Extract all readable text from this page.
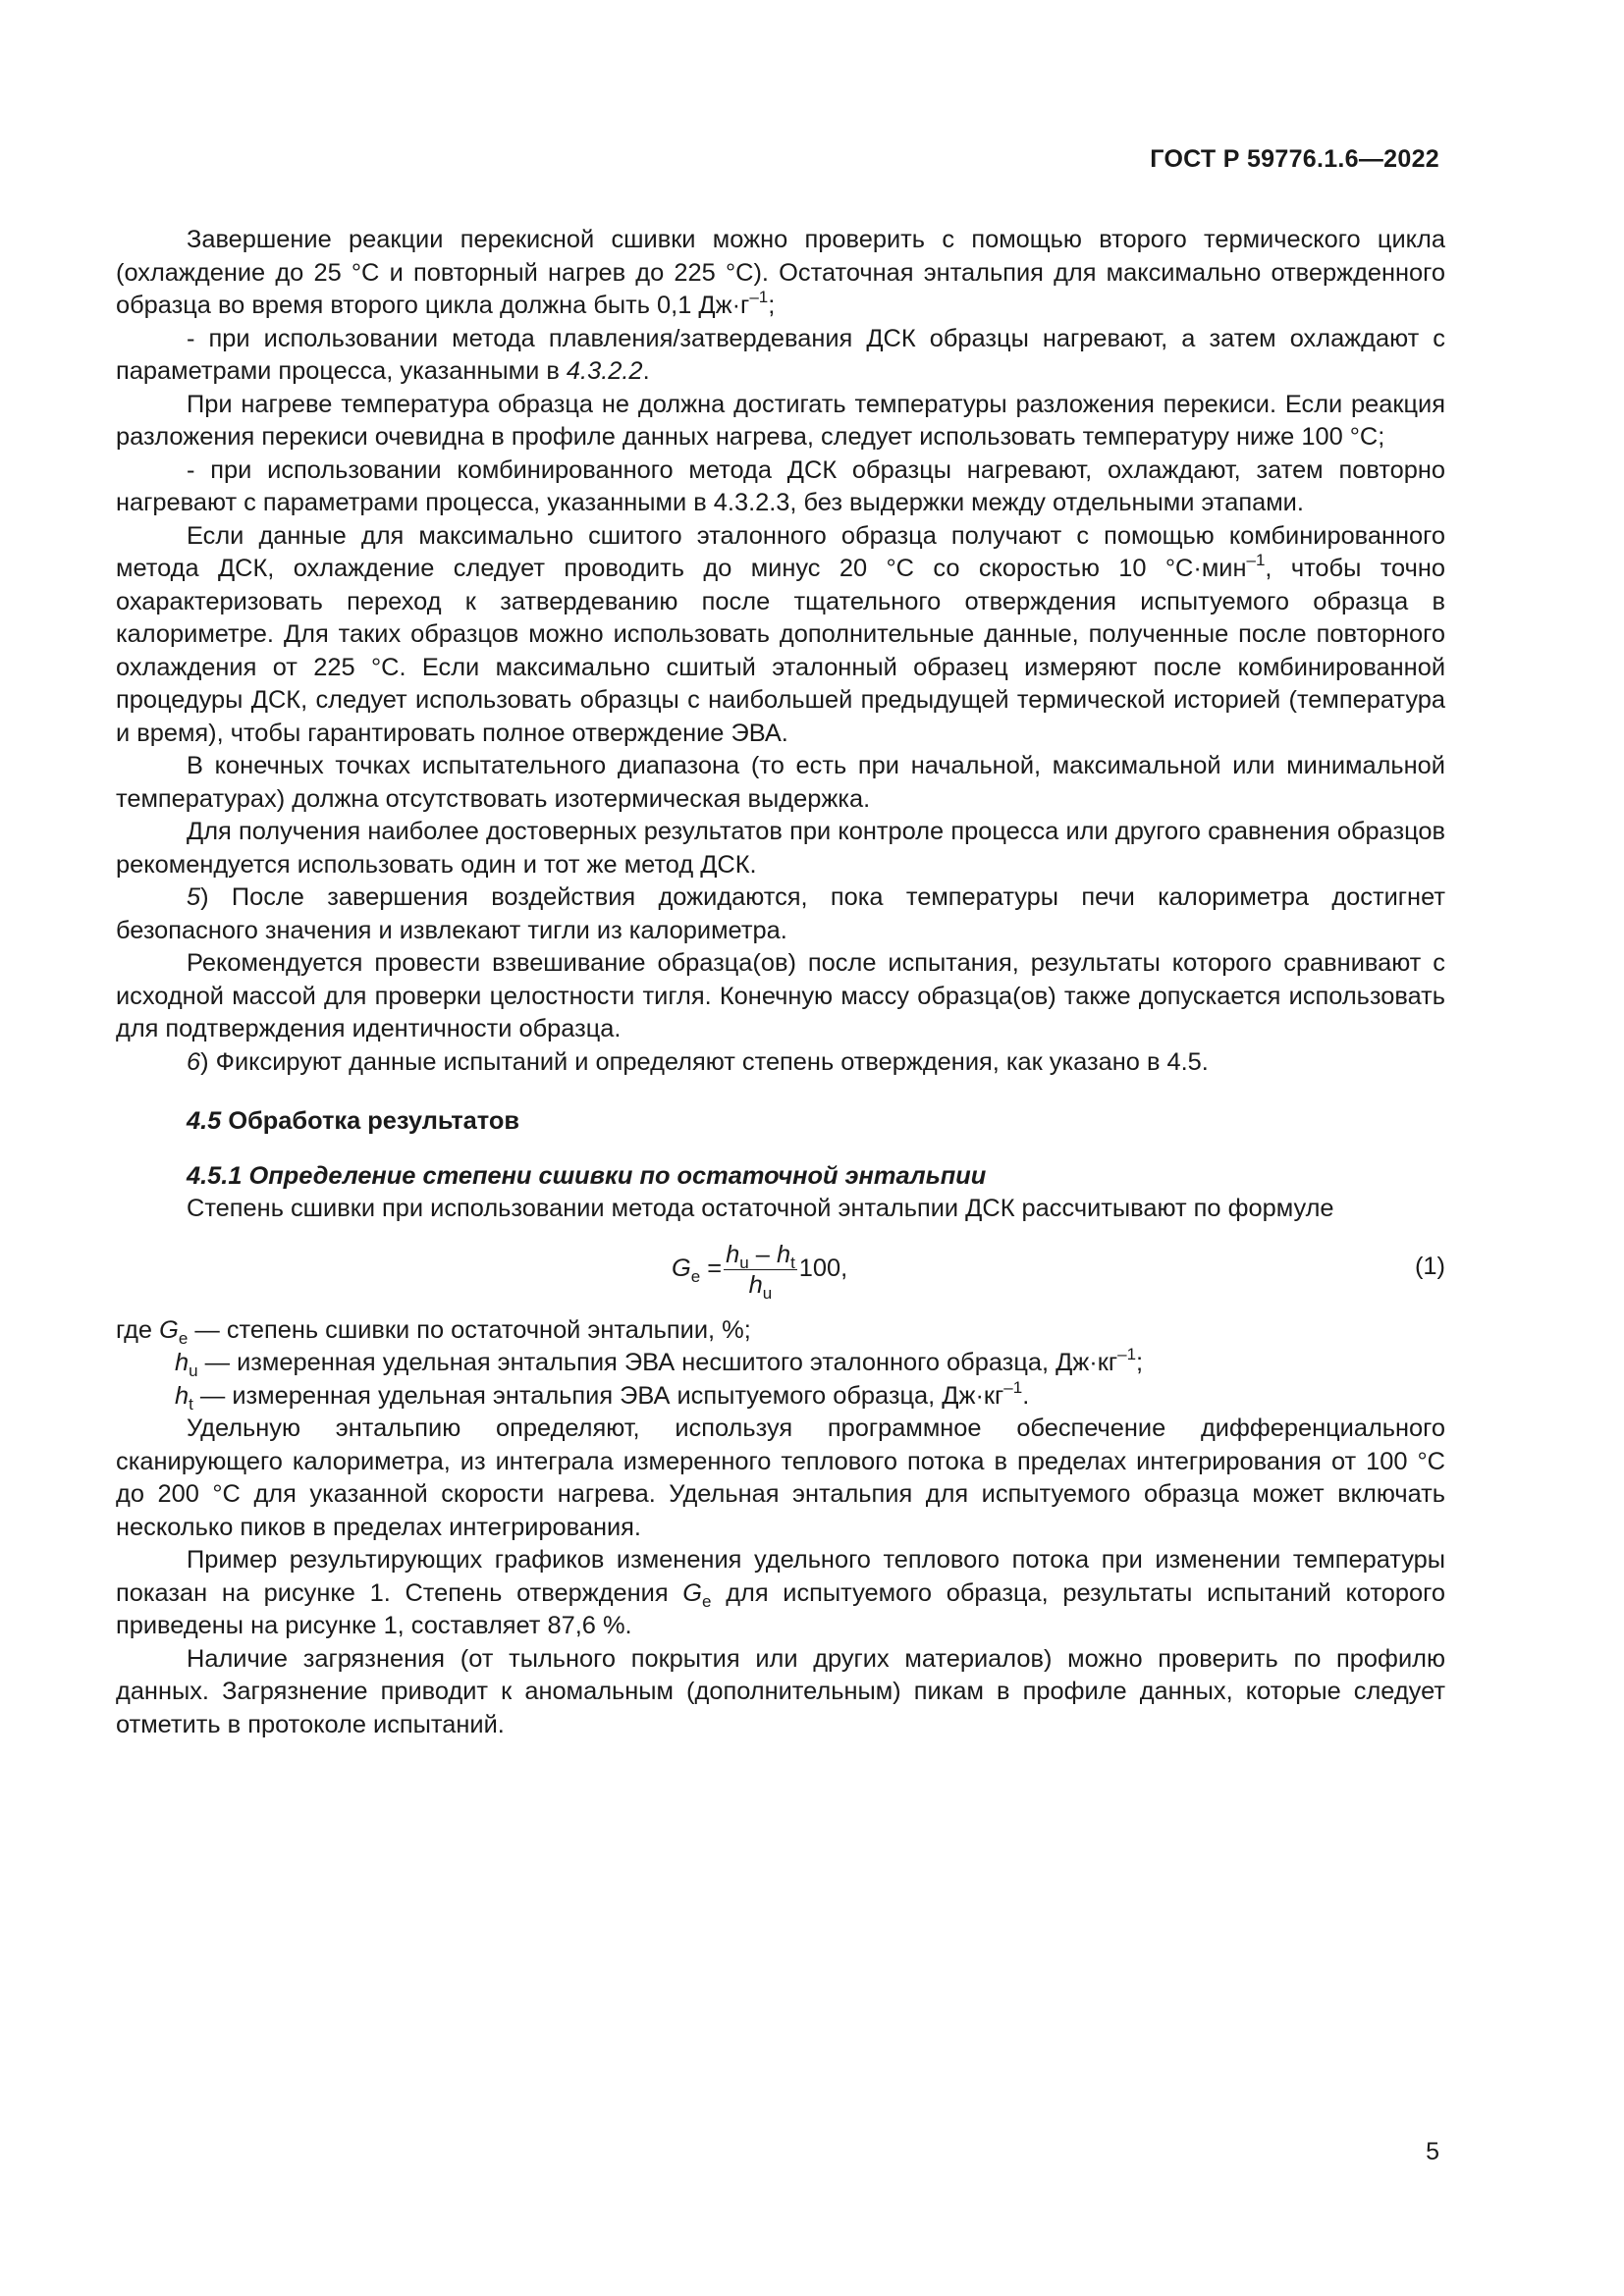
ГОСТ Р 59776.1.6—2022

Завершение реакции перекисной сшивки можно проверить с помощью второго термического цикла (охлаждение до 25 °С и повторный нагрев до 225 °С). Остаточная энтальпия для максимально отвержденного образца во время второго цикла должна быть 0,1 $Дж\cdot г^{-1}$;

- при использовании метода плавления/затвердевания ДСК образцы нагревают, а затем охлаждают с параметрами процесса, указанными в 4.3.2.2.

При нагреве температура образца не должна достигать температуры разложения перекиси. Если реакция разложения перекиси очевидна в профиле данных нагрева, следует использовать температуру ниже 100 °С;

- при использовании комбинированного метода ДСК образцы нагревают, охлаждают, затем повторно нагревают с параметрами процесса, указанными в 4.3.2.3, без выдержки между отдельными этапами.

Если данные для максимально сшитого эталонного образца получают с помощью комбинированного метода ДСК, охлаждение следует проводить до минус 20 °С со скоростью 10 °С·мин$^{-1}$, чтобы точно охарактеризовать переход к затвердеванию после тщательного отверждения испытуемого образца в калориметре. Для таких образцов можно использовать дополнительные данные, полученные после повторного охлаждения от 225 °С. Если максимально сшитый эталонный образец измеряют после комбинированной процедуры ДСК, следует использовать образцы с наибольшей предыдущей термической историей (температура и время), чтобы гарантировать полное отверждение ЭВА.

В конечных точках испытательного диапазона (то есть при начальной, максимальной или минимальной температурах) должна отсутствовать изотермическая выдержка.

Для получения наиболее достоверных результатов при контроле процесса или другого сравнения образцов рекомендуется использовать один и тот же метод ДСК.

5) После завершения воздействия дожидаются, пока температуры печи калориметра достигнет безопасного значения и извлекают тигли из калориметра.

Рекомендуется провести взвешивание образца(ов) после испытания, результаты которого сравнивают с исходной массой для проверки целостности тигля. Конечную массу образца(ов) также допускается использовать для подтверждения идентичности образца.

6) Фиксируют данные испытаний и определяют степень отверждения, как указано в 4.5.

4.5 Обработка результатов

4.5.1 Определение степени сшивки по остаточной энтальпии

Степень сшивки при использовании метода остаточной энтальпии ДСК рассчитывают по формуле

$G_e = \frac{h_u - h_t}{h_u} 100$,	(1)
где $G_e$ — степень сшивки по остаточной энтальпии, %;
$h_u$ — измеренная удельная энтальпия ЭВА несшитого эталонного образца, $Дж\cdot кг^{-1}$;
$h_t$ — измеренная удельная энтальпия ЭВА испытуемого образца, $Дж\cdot кг^{-1}$.

Удельную энтальпию определяют, используя программное обеспечение дифференциального сканирующего калориметра, из интеграла измеренного теплового потока в пределах интегрирования от 100 °С до 200 °С для указанной скорости нагрева. Удельная энтальпия для испытуемого образца может включать несколько пиков в пределах интегрирования.

Пример результирующих графиков изменения удельного теплового потока при изменении температуры показан на рисунке 1. Степень отверждения $G_e$ для испытуемого образца, результаты испытаний которого приведены на рисунке 1, составляет 87,6 %.

Наличие загрязнения (от тыльного покрытия или других материалов) можно проверить по профилю данных. Загрязнение приводит к аномальным (дополнительным) пикам в профиле данных, которые следует отметить в протоколе испытаний.

5
